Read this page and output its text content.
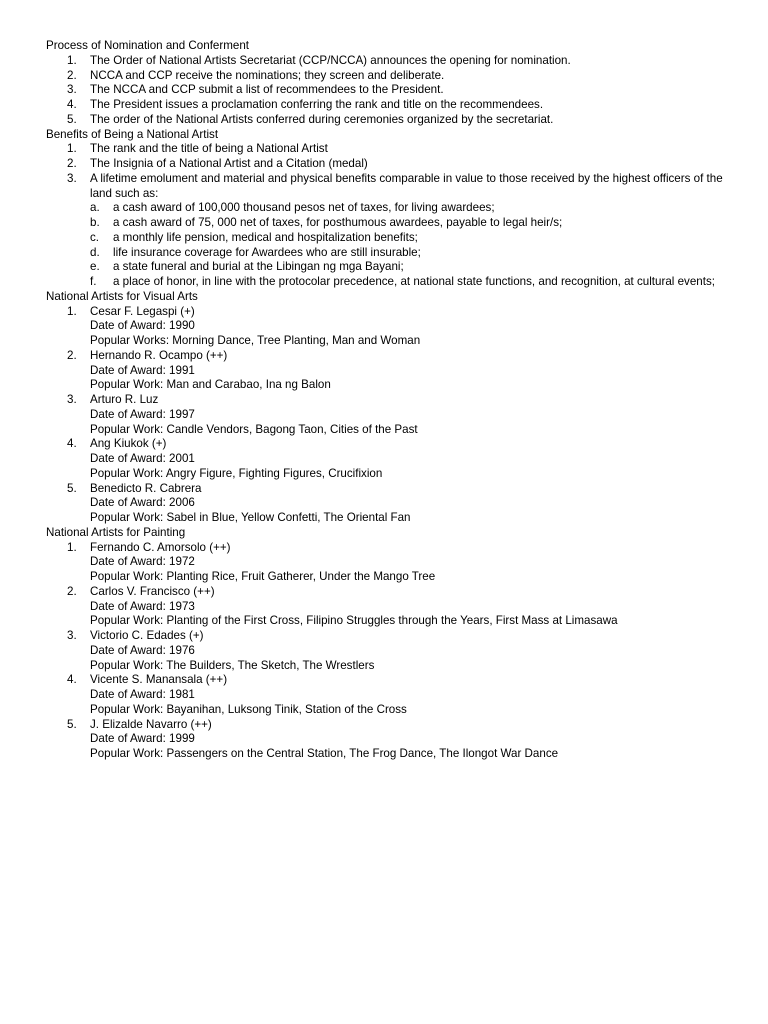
Process of Nomination and Conferment
1. The Order of National Artists Secretariat (CCP/NCCA) announces the opening for nomination.
2. NCCA and CCP receive the nominations; they screen and deliberate.
3. The NCCA and CCP submit a list of recommendees to the President.
4. The President issues a proclamation conferring the rank and title on the recommendees.
5. The order of the National Artists conferred during ceremonies organized by the secretariat.
Benefits of Being a National Artist
1. The rank and the title of being a National Artist
2. The Insignia of a National Artist and a Citation (medal)
3. A lifetime emolument and material and physical benefits comparable in value to those received by the highest officers of the land such as:
a. a cash award of 100,000 thousand pesos net of taxes, for living awardees;
b. a cash award of 75, 000 net of taxes, for posthumous awardees, payable to legal heir/s;
c. a monthly life pension, medical and hospitalization benefits;
d. life insurance coverage for Awardees who are still insurable;
e. a state funeral and burial at the Libingan ng mga Bayani;
f. a place of honor, in line with the protocolar precedence, at national state functions, and recognition, at cultural events;
National Artists for Visual Arts
1. Cesar F. Legaspi (+)
Date of Award: 1990
Popular Works: Morning Dance, Tree Planting, Man and Woman
2. Hernando R. Ocampo (++)
Date of Award: 1991
Popular Work: Man and Carabao, Ina ng Balon
3. Arturo R. Luz
Date of Award: 1997
Popular Work: Candle Vendors, Bagong Taon, Cities of the Past
4. Ang Kiukok (+)
Date of Award: 2001
Popular Work: Angry Figure, Fighting Figures, Crucifixion
5. Benedicto R. Cabrera
Date of Award: 2006
Popular Work: Sabel in Blue, Yellow Confetti, The Oriental Fan
National Artists for Painting
1. Fernando C. Amorsolo (++)
Date of Award: 1972
Popular Work: Planting Rice, Fruit Gatherer, Under the Mango Tree
2. Carlos V. Francisco (++)
Date of Award: 1973
Popular Work: Planting of the First Cross, Filipino Struggles through the Years, First Mass at Limasawa
3. Victorio C. Edades (+)
Date of Award: 1976
Popular Work: The Builders, The Sketch, The Wrestlers
4. Vicente S. Manansala (++)
Date of Award: 1981
Popular Work: Bayanihan, Luksong Tinik, Station of the Cross
5. J. Elizalde Navarro (++)
Date of Award: 1999
Popular Work: Passengers on the Central Station, The Frog Dance, The Ilongot War Dance
